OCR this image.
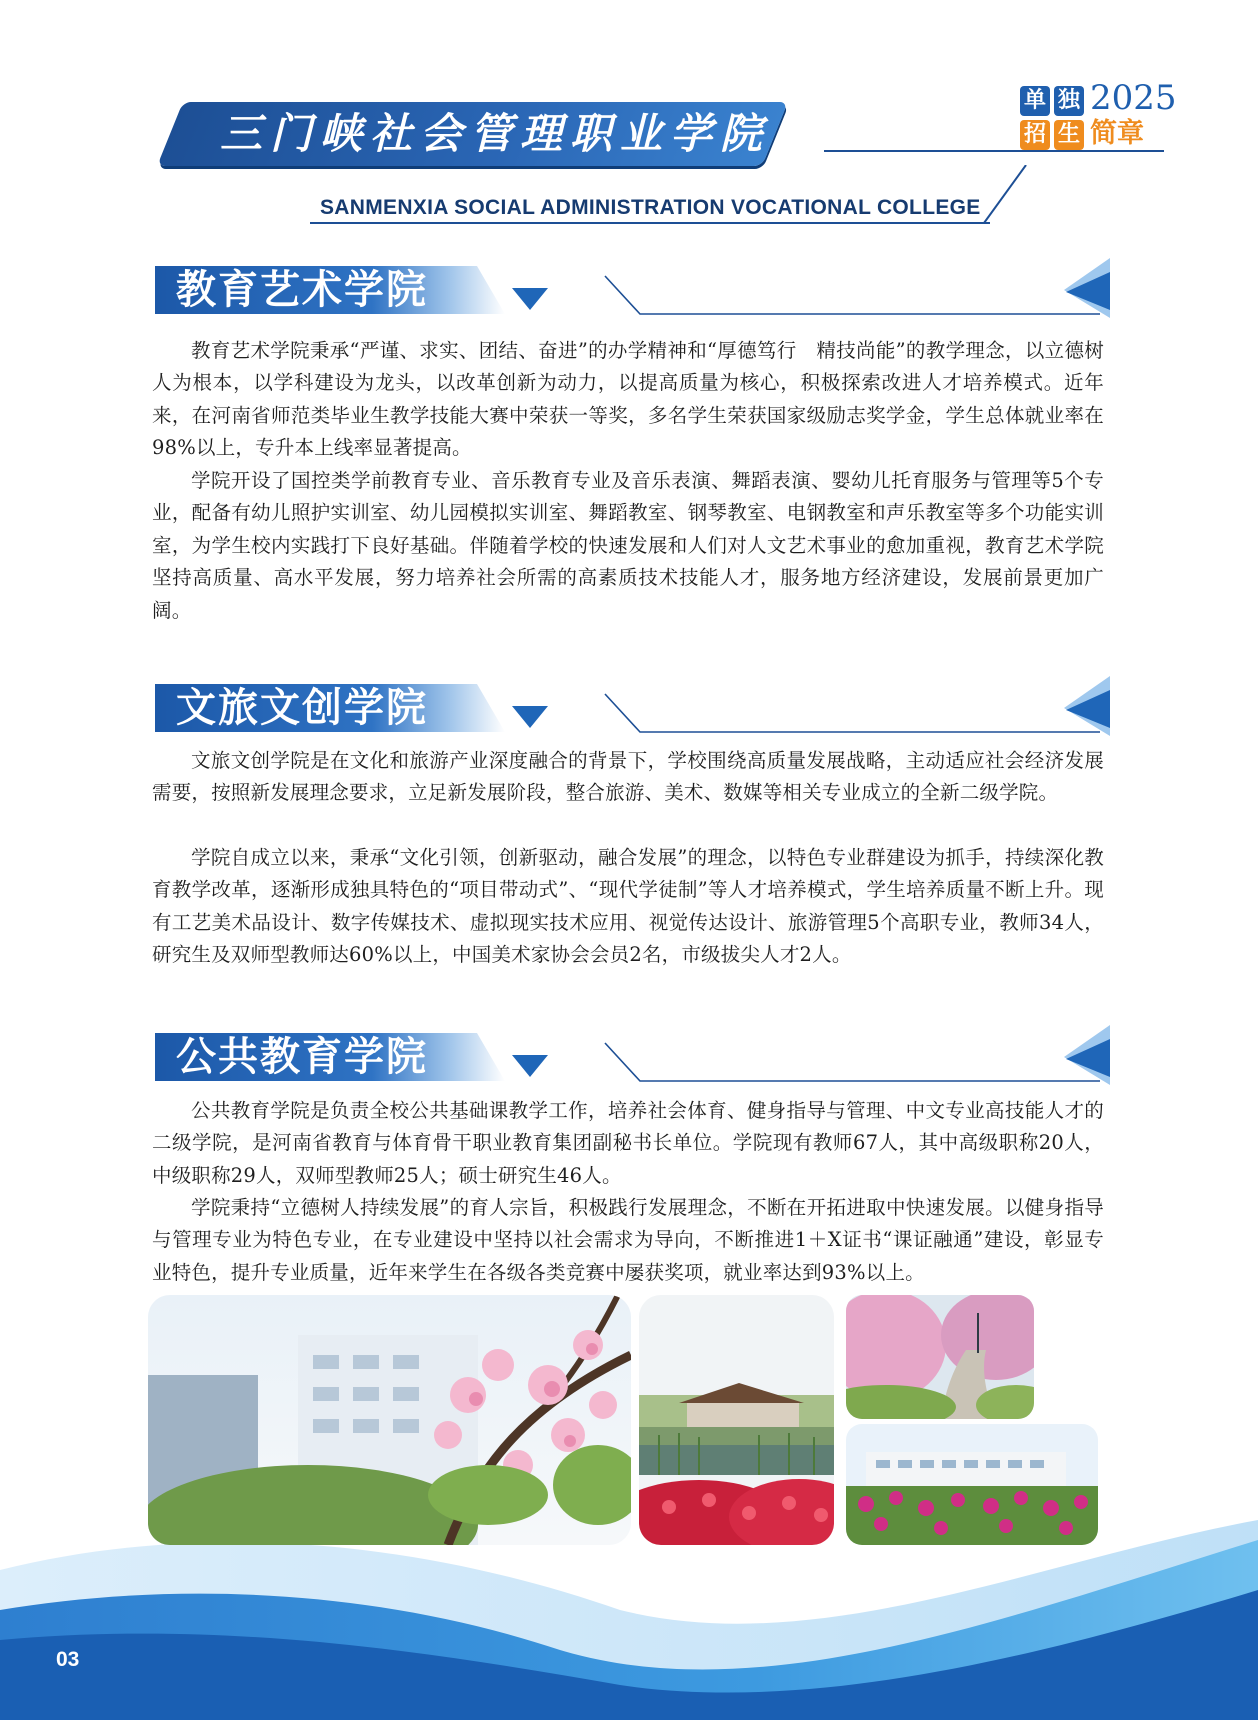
三门峡社会管理职业学院
SANMENXIA SOCIAL ADMINISTRATION VOCATIONAL COLLEGE
单 独
招 生
2025
简章
教育艺术学院

教育艺术学院秉承“严谨、求实、团结、奋进”的办学精神和“厚德笃行　精技尚能”的教学理念，以立德树人为根本，以学科建设为龙头，以改革创新为动力，以提高质量为核心，积极探索改进人才培养模式。近年来，在河南省师范类毕业生教学技能大赛中荣获一等奖，多名学生荣获国家级励志奖学金，学生总体就业率在98%以上，专升本上线率显著提高。

学院开设了国控类学前教育专业、音乐教育专业及音乐表演、舞蹈表演、婴幼儿托育服务与管理等5个专业，配备有幼儿照护实训室、幼儿园模拟实训室、舞蹈教室、钢琴教室、电钢教室和声乐教室等多个功能实训室，为学生校内实践打下良好基础。伴随着学校的快速发展和人们对人文艺术事业的愈加重视，教育艺术学院坚持高质量、高水平发展，努力培养社会所需的高素质技术技能人才，服务地方经济建设，发展前景更加广阔。

文旅文创学院

文旅文创学院是在文化和旅游产业深度融合的背景下，学校围绕高质量发展战略，主动适应社会经济发展需要，按照新发展理念要求，立足新发展阶段，整合旅游、美术、数媒等相关专业成立的全新二级学院。

学院自成立以来，秉承“文化引领，创新驱动，融合发展”的理念，以特色专业群建设为抓手，持续深化教育教学改革，逐渐形成独具特色的“项目带动式”、“现代学徒制”等人才培养模式，学生培养质量不断上升。现有工艺美术品设计、数字传媒技术、虚拟现实技术应用、视觉传达设计、旅游管理5个高职专业，教师34人，研究生及双师型教师达60%以上，中国美术家协会会员2名，市级拔尖人才2人。

公共教育学院

公共教育学院是负责全校公共基础课教学工作，培养社会体育、健身指导与管理、中文专业高技能人才的二级学院，是河南省教育与体育骨干职业教育集团副秘书长单位。学院现有教师67人，其中高级职称20人，中级职称29人，双师型教师25人；硕士研究生46人。

学院秉持“立德树人持续发展”的育人宗旨，积极践行发展理念，不断在开拓进取中快速发展。以健身指导与管理专业为特色专业，在专业建设中坚持以社会需求为导向，不断推进1＋X证书“课证融通”建设，彰显专业特色，提升专业质量，近年来学生在各级各类竞赛中屡获奖项，就业率达到93%以上。

03
